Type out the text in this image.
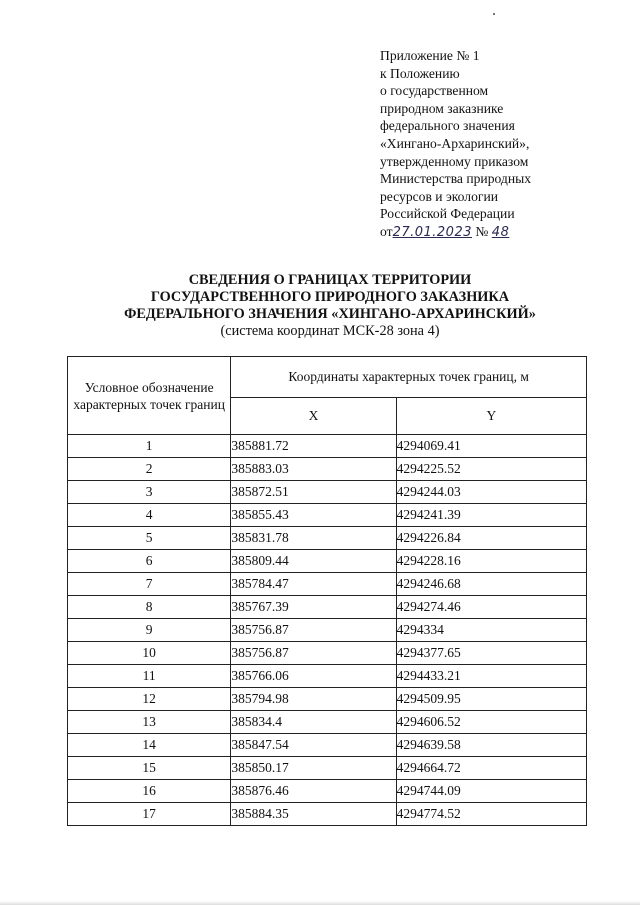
Приложение № 1
к Положению
о государственном
природном заказнике
федерального значения
«Хингано-Архаринский»,
утвержденному приказом
Министерства природных
ресурсов и экологии
Российской Федерации
от27.01.2023 № 48
СВЕДЕНИЯ О ГРАНИЦАХ ТЕРРИТОРИИ
ГОСУДАРСТВЕННОГО ПРИРОДНОГО ЗАКАЗНИКА
ФЕДЕРАЛЬНОГО ЗНАЧЕНИЯ «ХИНГАНО-АРХАРИНСКИЙ»
(система координат МСК-28 зона 4)
Условное обозначение характерных точек границ	Координаты характерных точек границ, м	
	X	Y
1	385881.72	4294069.41
2	385883.03	4294225.52
3	385872.51	4294244.03
4	385855.43	4294241.39
5	385831.78	4294226.84
6	385809.44	4294228.16
7	385784.47	4294246.68
8	385767.39	4294274.46
9	385756.87	4294334
10	385756.87	4294377.65
11	385766.06	4294433.21
12	385794.98	4294509.95
13	385834.4	4294606.52
14	385847.54	4294639.58
15	385850.17	4294664.72
16	385876.46	4294744.09
17	385884.35	4294774.52
